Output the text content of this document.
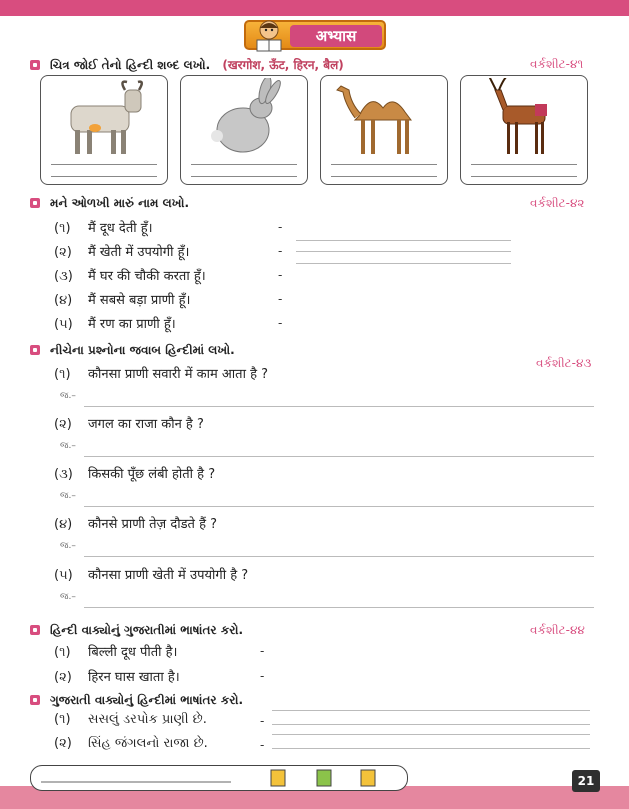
अभ्यास
ચિત્ર જોઈ તેનો હિન્દી શબ્દ લખો. (खरगोश, ऊँट, हिरन, बैल)	વર્કશીટ-૪૧
મને ઓળખી મારું નામ લખો.	વર્કશીટ-૪૨
(૧) मैं दूध देती हूँ।	-
(૨) मैं खेती में उपयोगी हूँ।	-
(૩) मैं घर की चौकी करता हूँ।	-
(૪) मैं सबसे बड़ा प्राणी हूँ।	-
(૫) मैं रण का प्राणी हूँ।	-
નીચેના પ્રશ્નોના જવાબ હિન્દીમાં લખો.
વર્કશીટ-૪૩
(૧) कौनसा प्राणी सवारी में काम आता है ?
જ.–
(૨) जगल का राजा कौन है ?
જ.–
(૩) किसकी पूँछ लंबी होती है ?
જ.–
(૪) कौनसे प्राणी तेज़ दौडते हैं ?
જ.–
(૫) कौनसा प्राणी खेती में उपयोगी है ?
જ.–
હિન્દી વાક્યોનું ગુજરાતીમાં ભાષાંતર કરો.	વર્કશીટ-૪૪
(૧) बिल्ली दूध पीती है।	-
(૨) हिरन घास खाता है।	-
ગુજરાતી વાક્યોનું હિન્દીમાં ભાષાંતર કરો.
(૧) સસલું ડરપોક પ્રાણી છે.	-
(૨) સિંહ જંગલનો રાજા છે.	-
21
